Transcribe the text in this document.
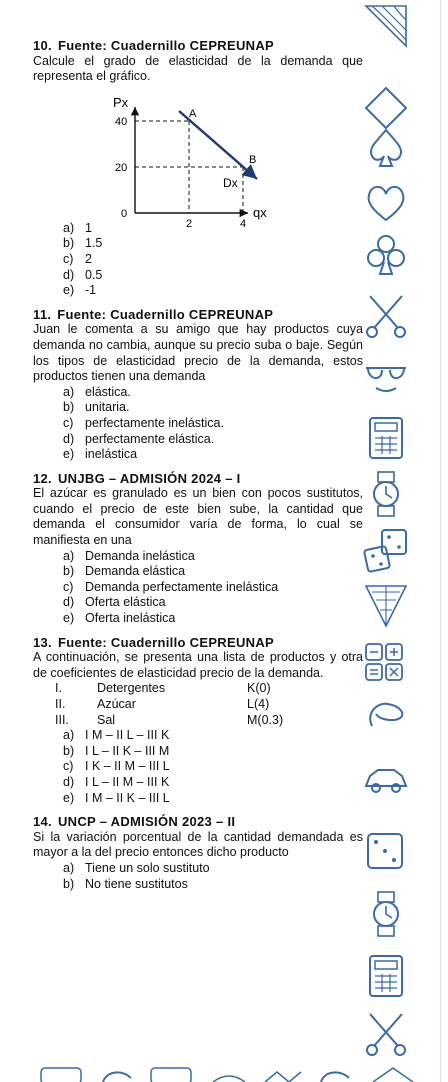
10. Fuente: Cuadernillo CEPREUNAP
Calcule el grado de elasticidad de la demanda que representa el gráfico.
A
B
40
20
0
2	4
Px
qx
Dx
a) 1
b) 1.5
c) 2
d) 0.5
e) -1
11. Fuente: Cuadernillo CEPREUNAP
Juan le comenta a su amigo que hay productos cuya demanda no cambia, aunque su precio suba o baje. Según los tipos de elasticidad precio de la demanda, estos productos tienen una demanda
a) elástica.
b) unitaria.
c) perfectamente inelástica.
d) perfectamente elástica.
e) inelástica
12. UNJBG – ADMISIÓN 2024 – I
El azúcar es granulado es un bien con pocos sustitutos, cuando el precio de este bien sube, la cantidad que demanda el consumidor varía de forma, lo cual se manifiesta en una
a) Demanda inelástica
b) Demanda elástica
c) Demanda perfectamente inelástica
d) Oferta elástica
e) Oferta inelástica
13. Fuente: Cuadernillo CEPREUNAP
A continuación, se presenta una lista de productos y otra de coeficientes de elasticidad precio de la demanda.
I.	Detergentes	K(0)
II.	Azúcar	L(4)
III.	Sal	M(0.3)
a) I M – II L – III K
b) I L – II K – III M
c) I K – II M – III L
d) I L – II M – III K
e) I M – II K – III L
14. UNCP – ADMISIÓN 2023 – II
Si la variación porcentual de la cantidad demandada es mayor a la del precio entonces dicho producto
a) Tiene un solo sustituto
b) No tiene sustitutos
